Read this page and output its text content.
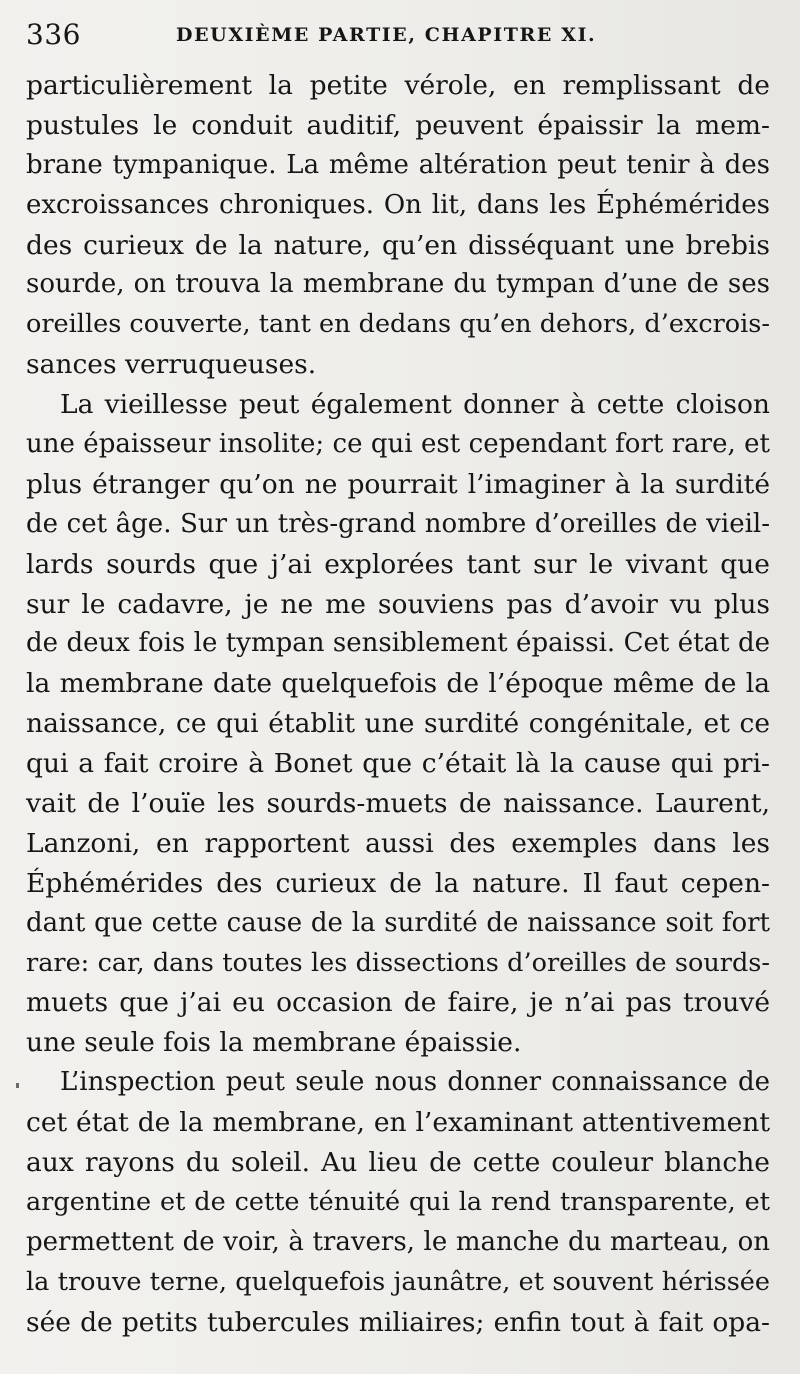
336	DEUXIÈME PARTIE, CHAPITRE XI.
particulièrement la petite vérole, en remplissant de
pustules le conduit auditif, peuvent épaissir la mem-
brane tympanique. La même altération peut tenir à des
excroissances chroniques. On lit, dans les Éphémérides
des curieux de la nature, qu’en disséquant une brebis
sourde, on trouva la membrane du tympan d’une de ses
oreilles couverte, tant en dedans qu’en dehors, d’excrois-
sances verruqueuses.
La vieillesse peut également donner à cette cloison
une épaisseur insolite; ce qui est cependant fort rare, et
plus étranger qu’on ne pourrait l’imaginer à la surdité
de cet âge. Sur un très-grand nombre d’oreilles de vieil-
lards sourds que j’ai explorées tant sur le vivant que
sur le cadavre, je ne me souviens pas d’avoir vu plus
de deux fois le tympan sensiblement épaissi. Cet état de
la membrane date quelquefois de l’époque même de la
naissance, ce qui établit une surdité congénitale, et ce
qui a fait croire à Bonet que c’était là la cause qui pri-
vait de l’ouïe les sourds-muets de naissance. Laurent,
Lanzoni, en rapportent aussi des exemples dans les
Éphémérides des curieux de la nature. Il faut cepen-
dant que cette cause de la surdité de naissance soit fort
rare: car, dans toutes les dissections d’oreilles de sourds-
muets que j’ai eu occasion de faire, je n’ai pas trouvé
une seule fois la membrane épaissie.
L’inspection peut seule nous donner connaissance de
cet état de la membrane, en l’examinant attentivement
aux rayons du soleil. Au lieu de cette couleur blanche
argentine et de cette ténuité qui la rend transparente, et
permettent de voir, à travers, le manche du marteau, on
la trouve terne, quelquefois jaunâtre, et souvent hérissée
sée de petits tubercules miliaires; enfin tout à fait opa-
